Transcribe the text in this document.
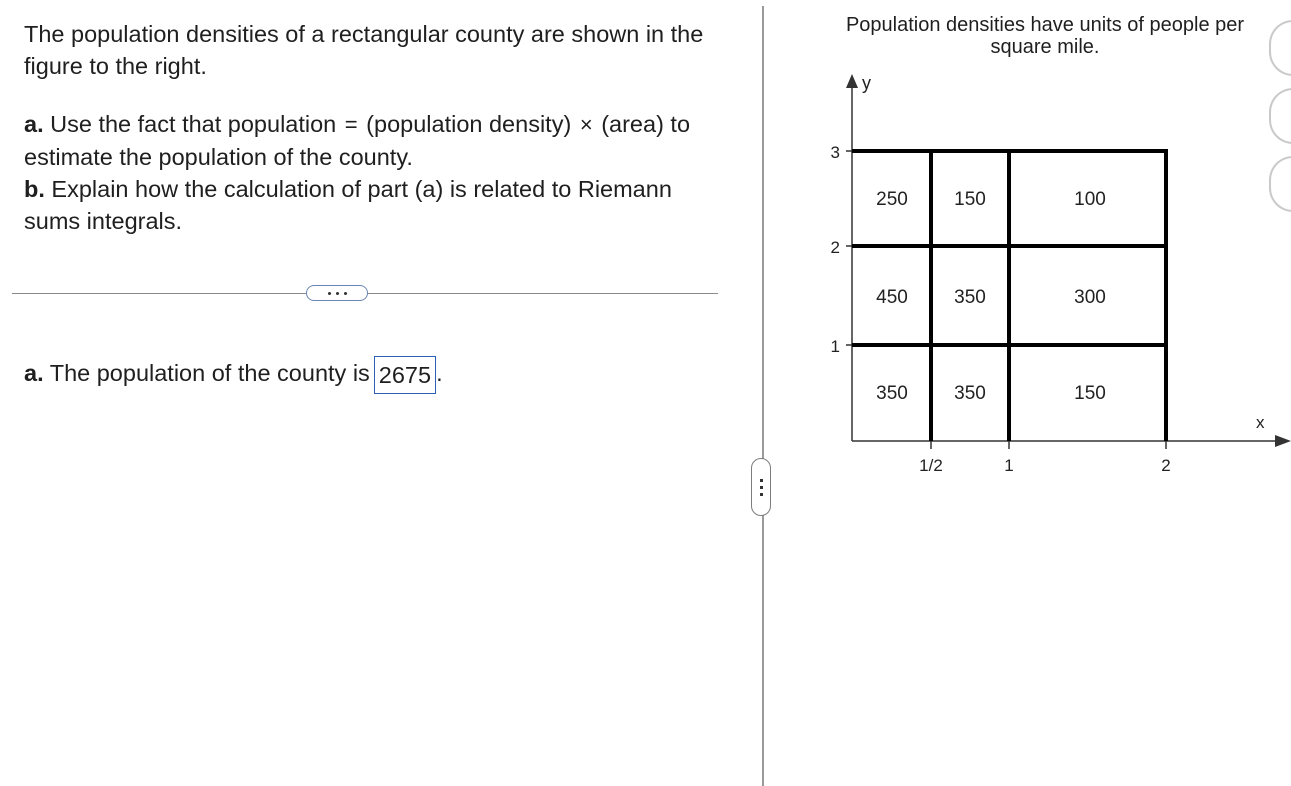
The population densities of a rectangular county are shown in the figure to the right.

a. Use the fact that population = (population density) × (area) to estimate the population of the county.

b. Explain how the calculation of part (a) is related to Riemann sums integrals.

a. The population of the county is 2675 .
Population densities have units of people per square mile.
y
x
3
2
1
1/2	1	2
250 150	100
450 350	300
350 350	150
